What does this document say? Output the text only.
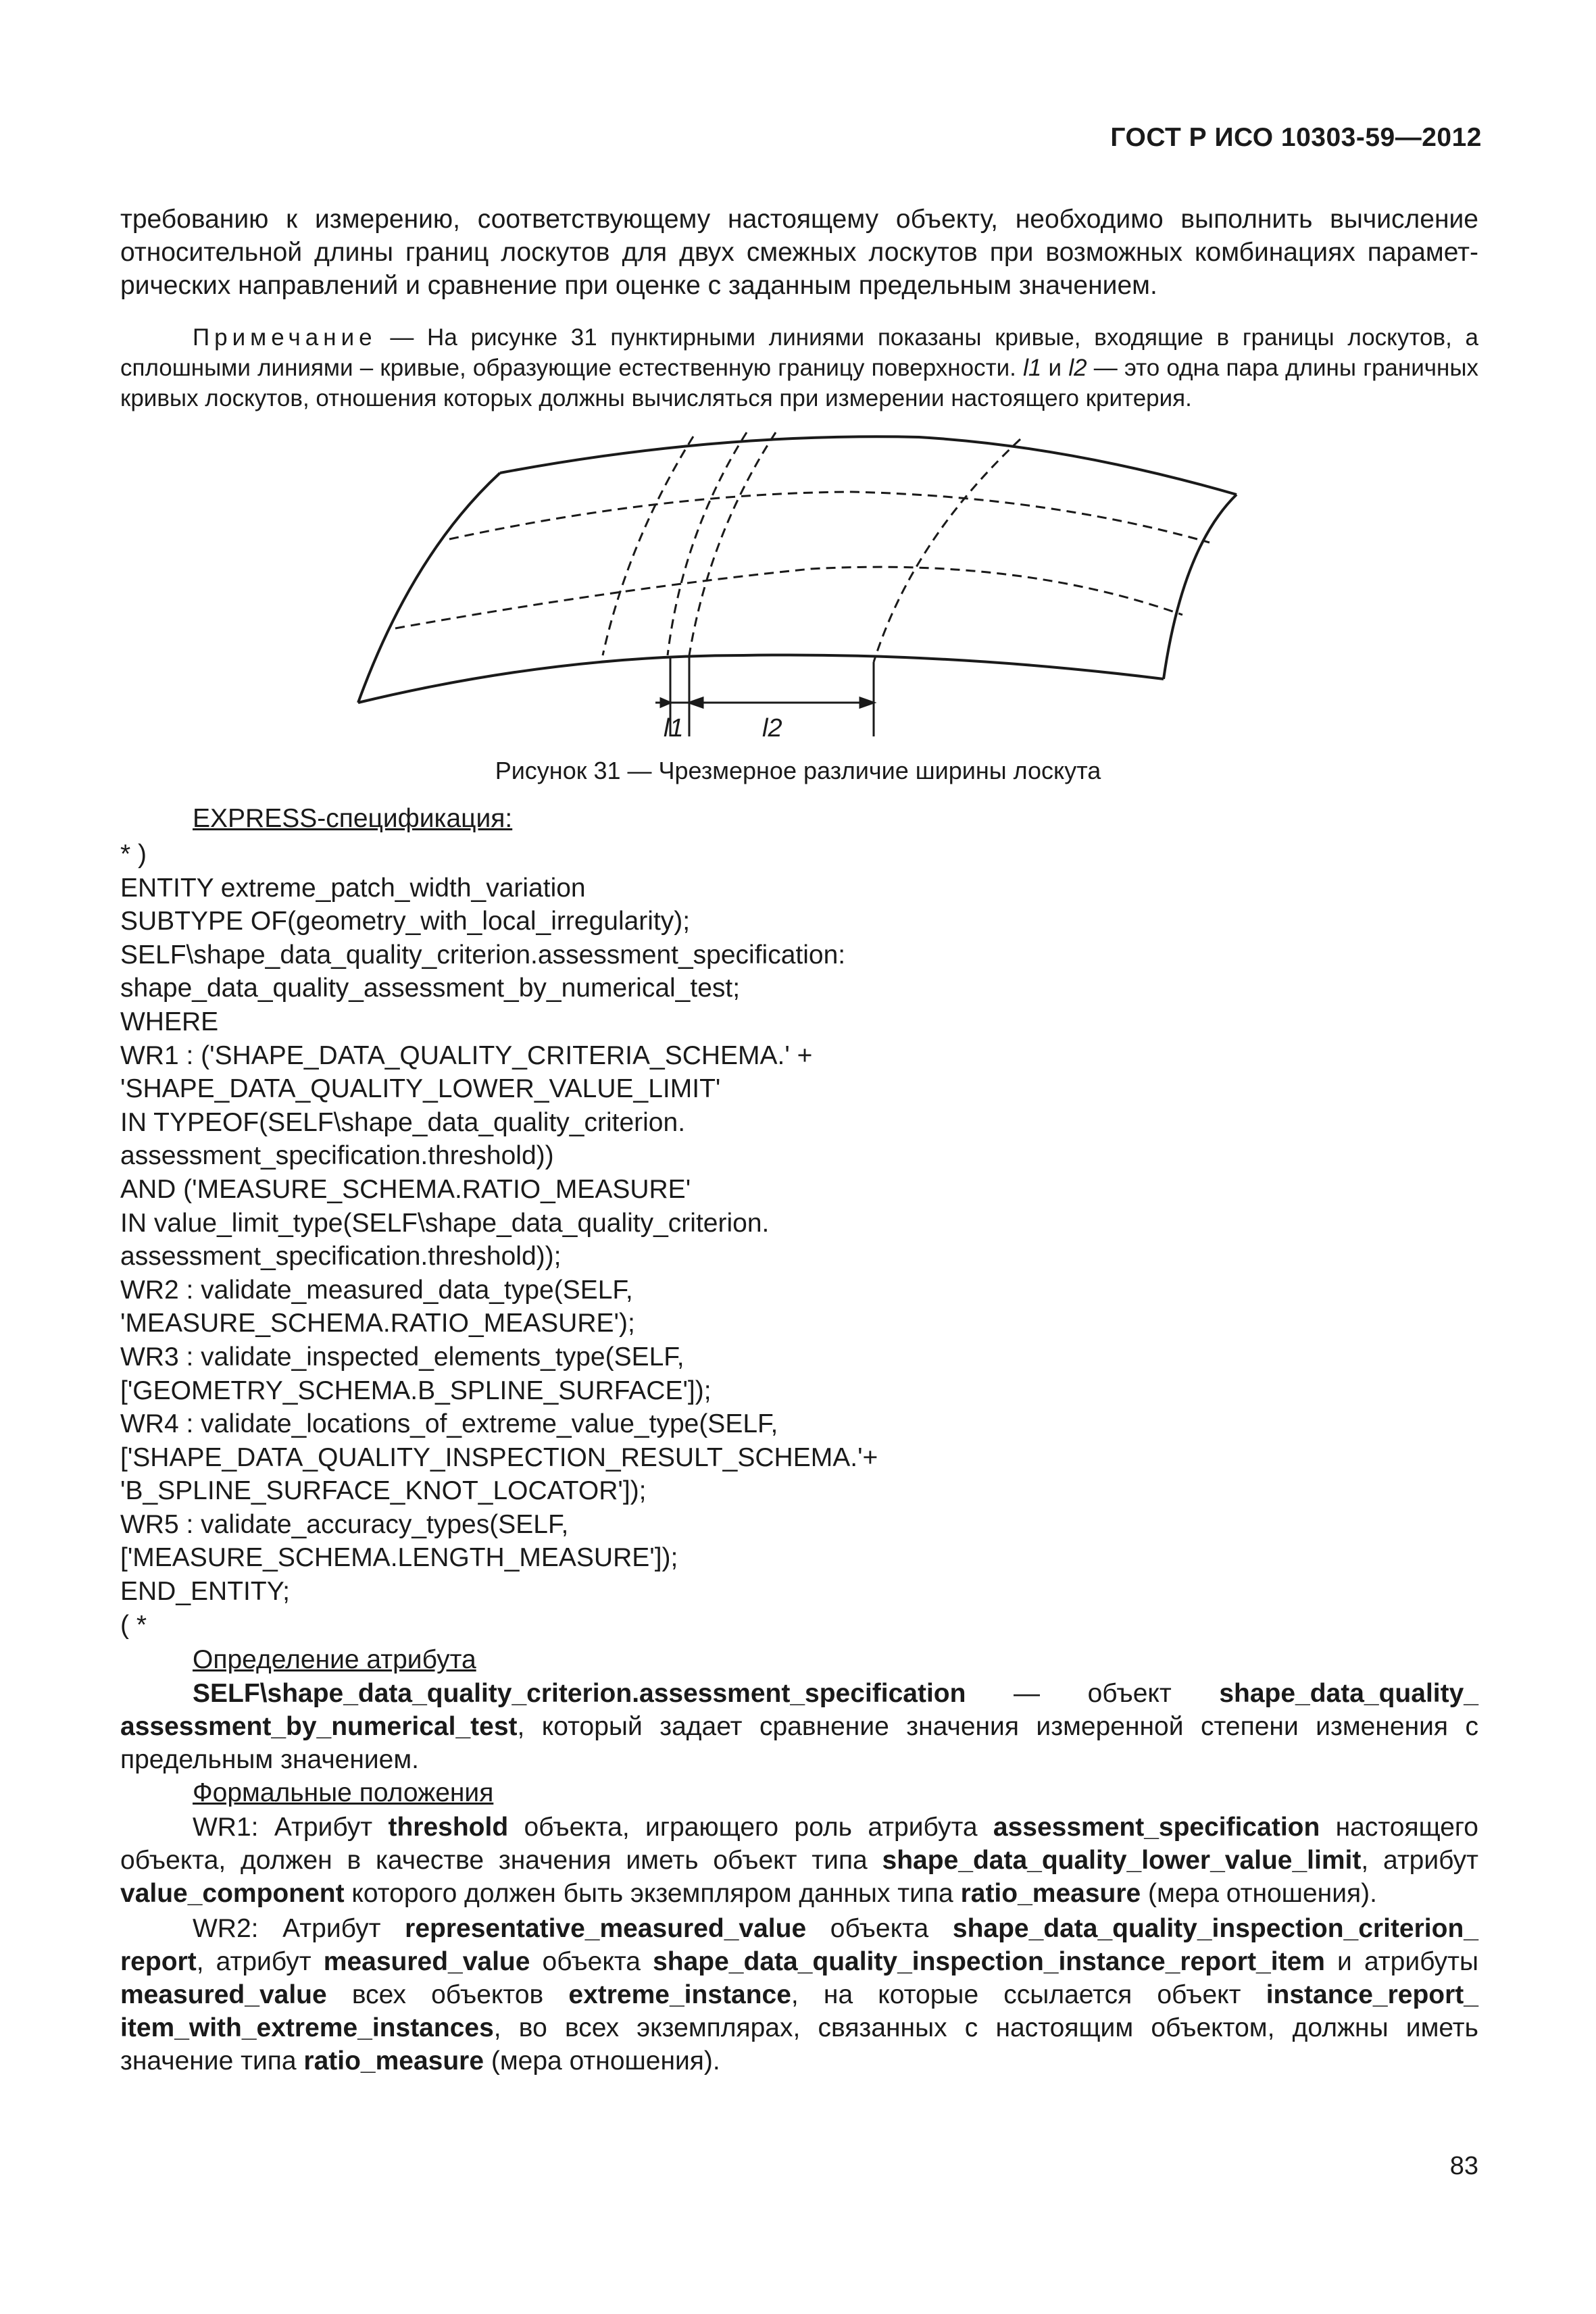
ГОСТ Р ИСО 10303-59—2012
требованию к измерению, соответствующему настоящему объекту, необходимо выполнить вычисление относительной длины границ лоскутов для двух смежных лоскутов при возможных комбинациях параметрических направлений и сравнение при оценке с заданным предельным значением.
Примечание — На рисунке 31 пунктирными линиями показаны кривые, входящие в границы лоскутов, а сплошными линиями – кривые, образующие естественную границу поверхности. l1 и l2 — это одна пара длины граничных кривых лоскутов, отношения которых должны вычисляться при измерении настоящего критерия.
l1	l2
Рисунок 31 — Чрезмерное различие ширины лоскута
EXPRESS-спецификация:
* )
ENTITY extreme_patch_width_variation
SUBTYPE OF(geometry_with_local_irregularity);
SELF\shape_data_quality_criterion.assessment_specification:
shape_data_quality_assessment_by_numerical_test;
WHERE
WR1 : ('SHAPE_DATA_QUALITY_CRITERIA_SCHEMA.' +
'SHAPE_DATA_QUALITY_LOWER_VALUE_LIMIT'
IN TYPEOF(SELF\shape_data_quality_criterion.
assessment_specification.threshold))
AND ('MEASURE_SCHEMA.RATIO_MEASURE'
IN value_limit_type(SELF\shape_data_quality_criterion.
assessment_specification.threshold));
WR2 : validate_measured_data_type(SELF,
'MEASURE_SCHEMA.RATIO_MEASURE');
WR3 : validate_inspected_elements_type(SELF,
['GEOMETRY_SCHEMA.B_SPLINE_SURFACE']);
WR4 : validate_locations_of_extreme_value_type(SELF,
['SHAPE_DATA_QUALITY_INSPECTION_RESULT_SCHEMA.'+
'B_SPLINE_SURFACE_KNOT_LOCATOR']);
WR5 : validate_accuracy_types(SELF,
['MEASURE_SCHEMA.LENGTH_MEASURE']);
END_ENTITY;
( *
Определение атрибута
SELF\shape_data_quality_criterion.assessment_specification — объект shape_data_quality_ assessment_by_numerical_test, который задает сравнение значения измеренной степени изменения с предельным значением.
Формальные положения
WR1: Атрибут threshold объекта, играющего роль атрибута assessment_specification настоящего объекта, должен в качестве значения иметь объект типа shape_data_quality_lower_value_limit, атрибут value_component которого должен быть экземпляром данных типа ratio_measure (мера отношения).
WR2: Атрибут representative_measured_value объекта shape_data_quality_inspection_criterion_ report, атрибут measured_value объекта shape_data_quality_inspection_instance_report_item и атрибуты measured_value всех объектов extreme_instance, на которые ссылается объект instance_report_ item_with_extreme_instances, во всех экземплярах, связанных с настоящим объектом, должны иметь значение типа ratio_measure (мера отношения).
83
